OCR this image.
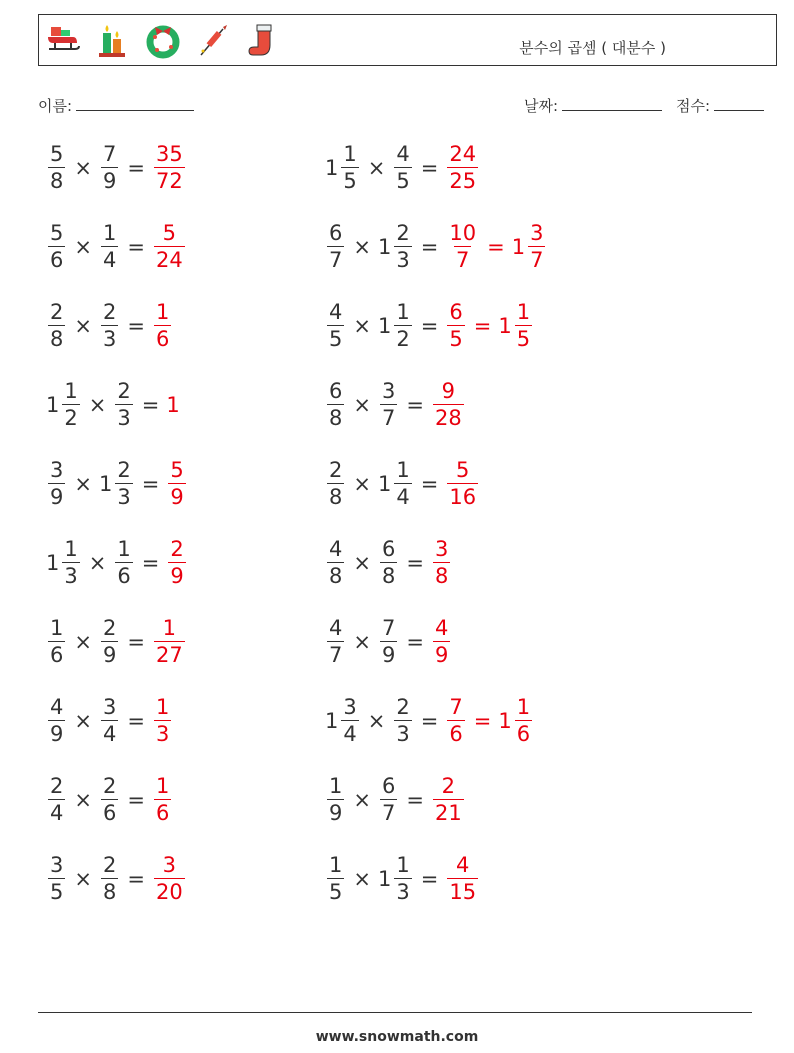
분수의 곱셈 ( 대분수 )
이름:	날짜:	점수:
$\frac{5}{8} \times \frac{7}{9} = \frac{35}{72}$	$1 \frac{1}{5} \times \frac{4}{5} = \frac{24}{25}$
$\frac{5}{6} \times \frac{1}{4} = \frac{5}{24}$	$\frac{6}{7} \times 1 \frac{2}{3} = \frac{10}{7} = 1 \frac{3}{7}$
$\frac{2}{8} \times \frac{2}{3} = \frac{1}{6}$	$\frac{4}{5} \times 1 \frac{1}{2} = \frac{6}{5} = 1 \frac{1}{5}$
$1 \frac{1}{2} \times \frac{2}{3} = 1$	$\frac{6}{8} \times \frac{3}{7} = \frac{9}{28}$
$\frac{3}{9} \times 1 \frac{2}{3} = \frac{5}{9}$	$\frac{2}{8} \times 1 \frac{1}{4} = \frac{5}{16}$
$1 \frac{1}{3} \times \frac{1}{6} = \frac{2}{9}$	$\frac{4}{8} \times \frac{6}{8} = \frac{3}{8}$
$\frac{1}{6} \times \frac{2}{9} = \frac{1}{27}$	$\frac{4}{7} \times \frac{7}{9} = \frac{4}{9}$
$\frac{4}{9} \times \frac{3}{4} = \frac{1}{3}$	$1 \frac{3}{4} \times \frac{2}{3} = \frac{7}{6} = 1 \frac{1}{6}$
$\frac{2}{4} \times \frac{2}{6} = \frac{1}{6}$	$\frac{1}{9} \times \frac{6}{7} = \frac{2}{21}$
$\frac{3}{5} \times \frac{2}{8} = \frac{3}{20}$	$\frac{1}{5} \times 1 \frac{1}{3} = \frac{4}{15}$
www.snowmath.com
